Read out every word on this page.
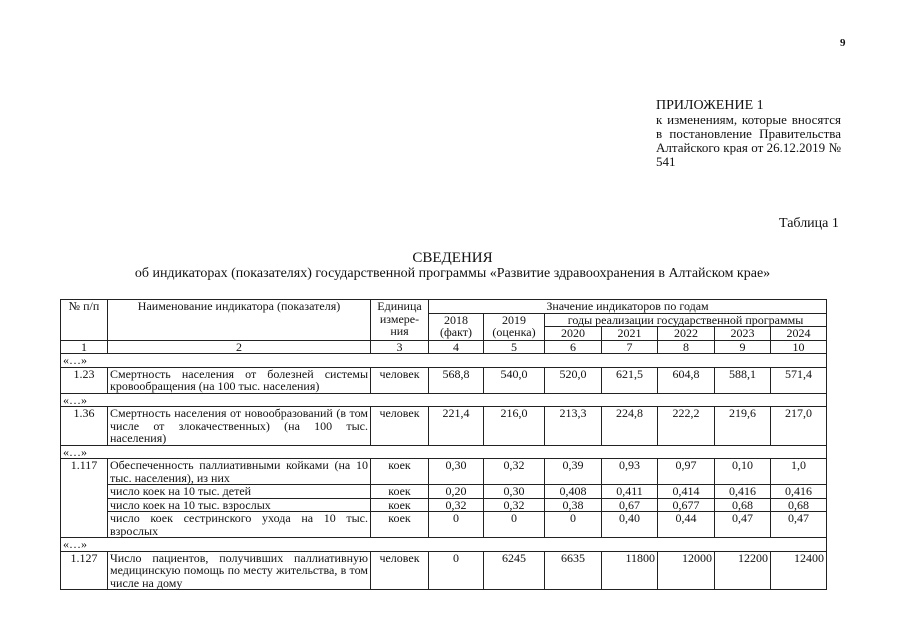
9
ПРИЛОЖЕНИЕ 1
к изменениям, которые вносятся в постановление Правительства Алтайского края от 26.12.2019 № 541
Таблица 1
СВЕДЕНИЯ
об индикаторах (показателях) государственной программы «Развитие здравоохранения в Алтайском крае»
№ п/п	Наименование индикатора (показателя)	Единица измере-ния	Значение индикаторов по годам						
			2018 (факт)	2019 (оценка)	годы реализации государственной программы				
					2020	2021	2022	2023	2024
1	2	3	4	5	6	7	8	9	10
«…»									
1.23	Смертность населения от болезней системы кровообращения (на 100 тыс. населения)	человек	568,8	540,0	520,0	621,5	604,8	588,1	571,4
«…»									
1.36	Смертность населения от новообразований (в том числе от злокачественных) (на 100 тыс. населения)	человек	221,4	216,0	213,3	224,8	222,2	219,6	217,0
«…»									
1.117	Обеспеченность паллиативными койками (на 10 тыс. населения), из них	коек	0,30	0,32	0,39	0,93	0,97	0,10	1,0
	число коек на 10 тыс. детей	коек	0,20	0,30	0,408	0,411	0,414	0,416	0,416
	число коек на 10 тыс. взрослых	коек	0,32	0,32	0,38	0,67	0,677	0,68	0,68
	число коек сестринского ухода на 10 тыс. взрослых	коек	0	0	0	0,40	0,44	0,47	0,47
«…»									
1.127	Число пациентов, получивших паллиативную медицинскую помощь по месту жительства, в том числе на дому	человек	0	6245	6635	11800	12000	12200	12400
